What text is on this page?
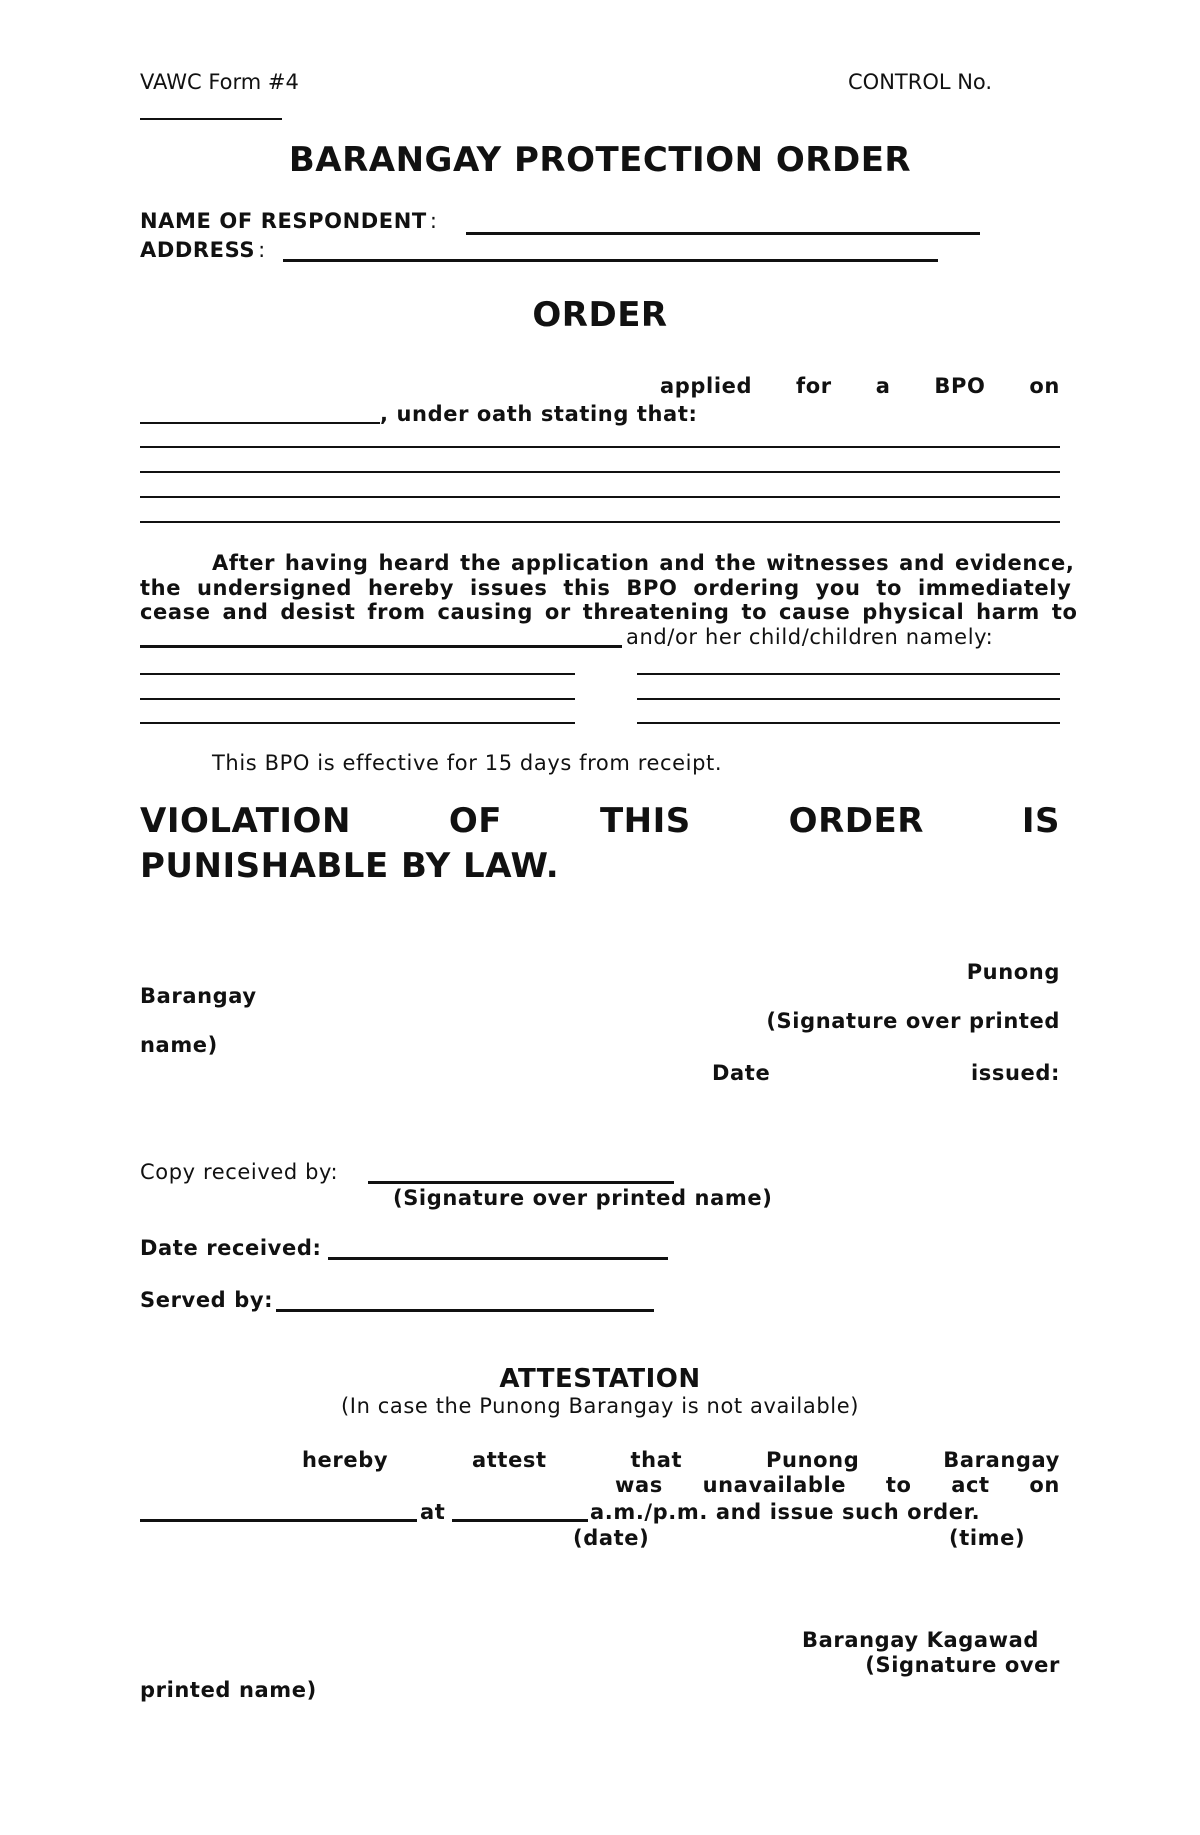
VAWC Form #4	CONTROL No.
BARANGAY PROTECTION ORDER
NAME OF RESPONDENT :
ADDRESS :
ORDER
applied for a BPO on
, under oath stating that:
After having heard the application and the witnesses and evidence,
the undersigned hereby issues this BPO ordering you to immediately
cease and desist from causing or threatening to cause physical harm to
and/or her child/children namely:
This BPO is effective for 15 days from receipt.
VIOLATION	OF	THIS	ORDER	IS
PUNISHABLE BY LAW.
Punong
Barangay
(Signature over printed
name)
Date	issued:
Copy received by:
(Signature over printed name)
Date received:
Served by:
ATTESTATION
(In case the Punong Barangay is not available)
hereby	attest	that	Punong	Barangay
was unavailable to act on
at	a.m./p.m. and issue such order.
(date)	(time)
Barangay Kagawad
(Signature over
printed name)
